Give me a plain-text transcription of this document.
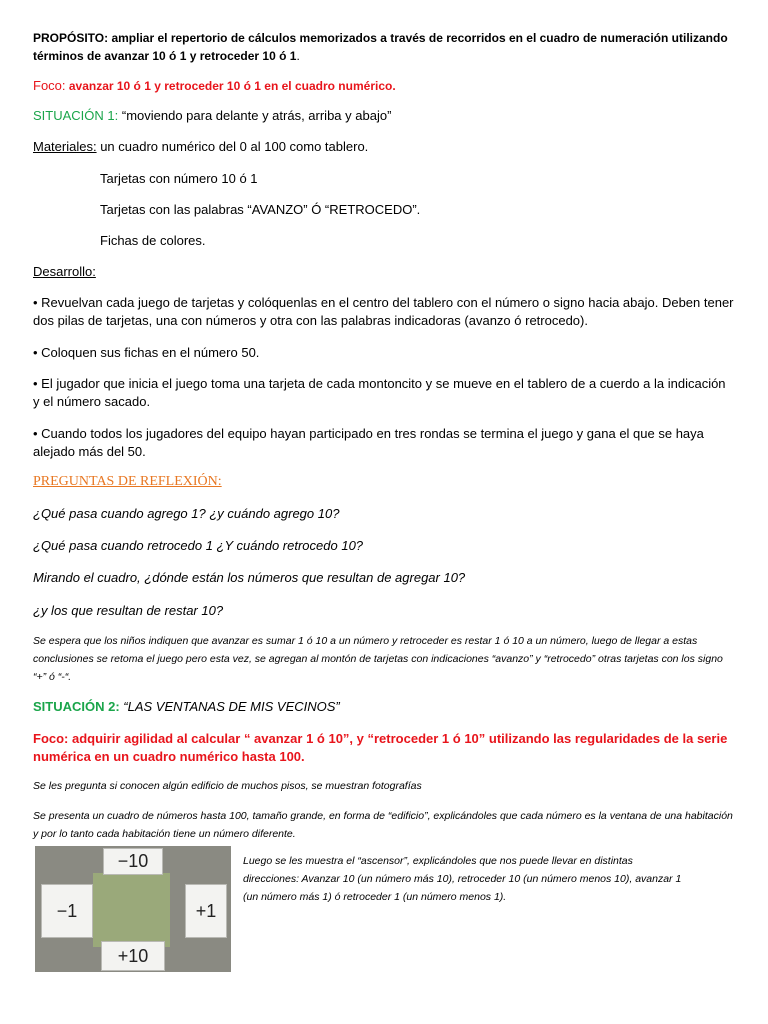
PROPÓSITO: ampliar el repertorio de cálculos memorizados a través de recorridos en el cuadro de numeración utilizando términos de avanzar 10 ó 1 y retroceder 10 ó 1.
Foco: avanzar 10 ó 1 y retroceder 10 ó 1 en el cuadro numérico.
SITUACIÓN 1: “moviendo para delante y atrás, arriba y abajo”
Materiales: un cuadro numérico del 0 al 100 como tablero.
Tarjetas con número 10 ó 1
Tarjetas con las palabras “AVANZO” Ó “RETROCEDO”.
Fichas de colores.
Desarrollo:
• Revuelvan cada juego de tarjetas y colóquenlas en el centro del tablero con el número o signo hacia abajo. Deben tener dos pilas de tarjetas, una con números y otra con las palabras indicadoras (avanzo ó retrocedo).
• Coloquen sus fichas en el número 50.
• El jugador que inicia el juego toma una tarjeta de cada montoncito y se mueve en el tablero de a cuerdo a la indicación y el número sacado.
• Cuando todos los jugadores del equipo hayan participado en tres rondas se termina el juego y gana el que se haya alejado más del 50.
PREGUNTAS DE REFLEXIÓN:
¿Qué pasa cuando agrego 1? ¿y cuándo agrego 10?
¿Qué pasa cuando retrocedo 1 ¿Y cuándo retrocedo 10?
Mirando el cuadro, ¿dónde están los números que resultan de agregar 10?
¿y los que resultan de restar 10?
Se espera que los niños indiquen que avanzar es sumar 1 ó 10 a un número y retroceder es restar 1 ó 10 a un número, luego de llegar a estas conclusiones se retoma el juego pero esta vez, se agregan al montón de tarjetas con indicaciones “avanzo” y “retrocedo” otras tarjetas con los signo “+” ó “-“.
SITUACIÓN 2: “LAS VENTANAS DE MIS VECINOS”
Foco: adquirir agilidad al calcular “ avanzar 1 ó 10”, y “retroceder 1 ó 10” utilizando las regularidades de la serie numérica en un cuadro numérico hasta 100.
Se les pregunta si conocen algún edificio de muchos pisos, se muestran fotografías
Se presenta un cuadro de números hasta 100, tamaño grande, en forma de “edificio”, explicándoles que cada número es la ventana de una habitación y por lo tanto cada habitación tiene un número diferente.
−10
−1	+1
+10
Luego se les muestra el “ascensor”, explicándoles que nos puede llevar en distintas direcciones: Avanzar 10 (un número más 10), retroceder 10 (un número menos 10), avanzar 1 (un número más 1) ó retroceder 1 (un número menos 1).
